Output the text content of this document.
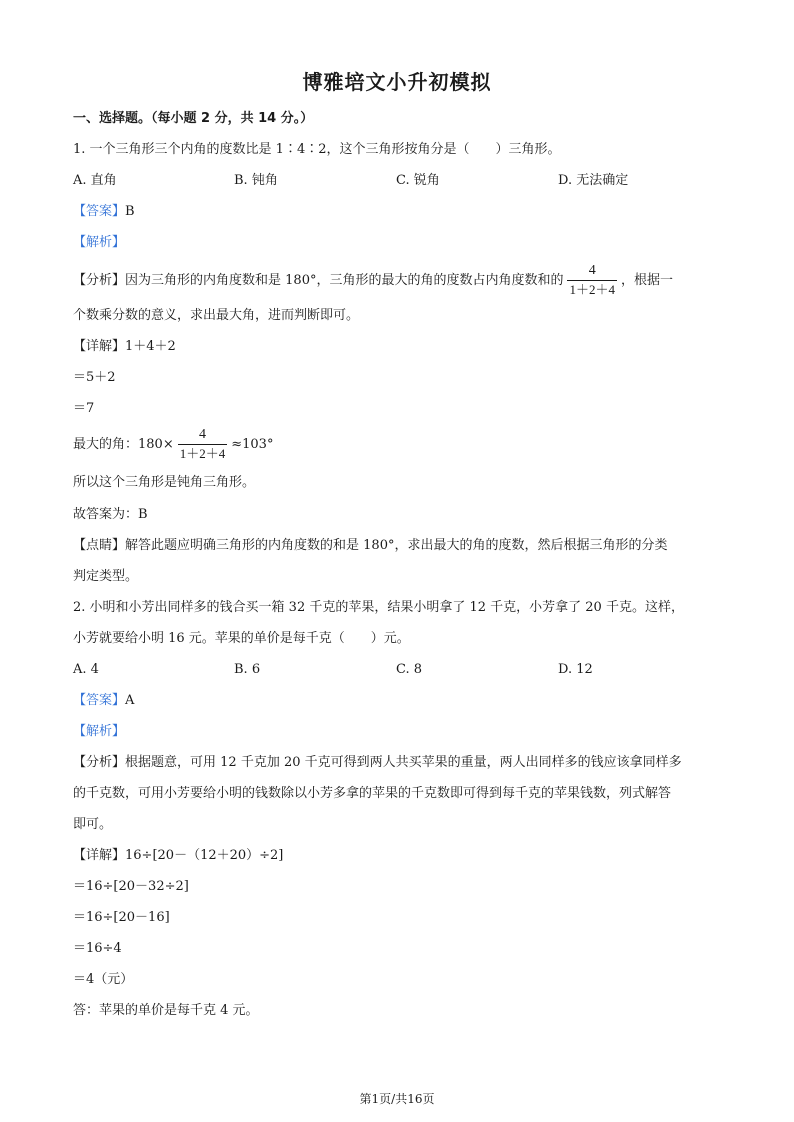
博雅培文小升初模拟
一、选择题。（每小题 2 分，共 14 分。）
1. 一个三角形三个内角的度数比是 1∶4∶2，这个三角形按角分是（　　）三角形。
A. 直角	B. 钝角	C. 锐角	D. 无法确定
【答案】B
【解析】
【分析】因为三角形的内角度数和是 180°，三角形的最大的角的度数占内角度数和的 $\frac{4}{1+2+4}$ ，根据一
个数乘分数的意义，求出最大角，进而判断即可。
【详解】1＋4＋2
＝5＋2
＝7
最大的角：$180\times \frac{4}{1+2+4} \approx 103^\circ$
所以这个三角形是钝角三角形。
故答案为：B
【点睛】解答此题应明确三角形的内角度数的和是 180°，求出最大的角的度数，然后根据三角形的分类
判定类型。
2. 小明和小芳出同样多的钱合买一箱 32 千克的苹果，结果小明拿了 12 千克，小芳拿了 20 千克。这样，
小芳就要给小明 16 元。苹果的单价是每千克（　　）元。
A. 4	B. 6	C. 8	D. 12
【答案】A
【解析】
【分析】根据题意，可用 12 千克加 20 千克可得到两人共买苹果的重量，两人出同样多的钱应该拿同样多
的千克数，可用小芳要给小明的钱数除以小芳多拿的苹果的千克数即可得到每千克的苹果钱数，列式解答
即可。
【详解】16÷[20－（12＋20）÷2]
＝16÷[20－32÷2]
＝16÷[20－16]
＝16÷4
＝4（元）
答：苹果的单价是每千克 4 元。
第1页/共16页
